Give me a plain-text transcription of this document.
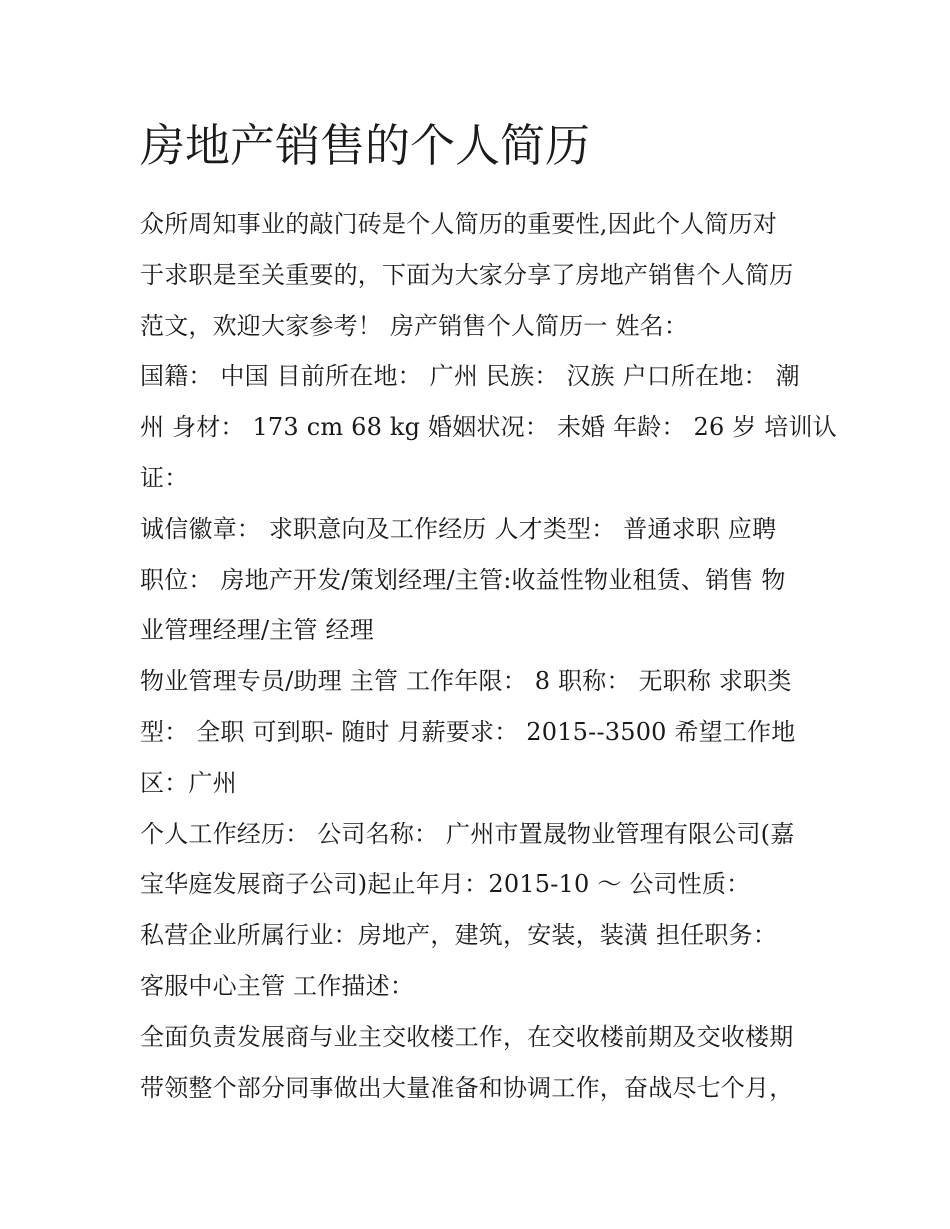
房地产销售的个人简历
众所周知事业的敲门砖是个人简历的重要性,因此个人简历对
于求职是至关重要的，下面为大家分享了房地产销售个人简历
范文，欢迎大家参考！ 房产销售个人简历一 姓名：
国籍： 中国 目前所在地： 广州 民族： 汉族 户口所在地： 潮
州 身材： 173 cm 68 kg 婚姻状况： 未婚 年龄： 26 岁 培训认
证：
诚信徽章： 求职意向及工作经历 人才类型： 普通求职 应聘
职位： 房地产开发/策划经理/主管:收益性物业租赁、销售 物
业管理经理/主管 经理
物业管理专员/助理 主管 工作年限： 8 职称： 无职称 求职类
型： 全职 可到职- 随时 月薪要求： 2015--3500 希望工作地
区：广州
个人工作经历： 公司名称： 广州市置晟物业管理有限公司(嘉
宝华庭发展商子公司)起止年月：2015-10 ～ 公司性质：
私营企业所属行业：房地产，建筑，安装，装潢 担任职务：
客服中心主管 工作描述：
全面负责发展商与业主交收楼工作，在交收楼前期及交收楼期
带领整个部分同事做出大量准备和协调工作，奋战尽七个月，
